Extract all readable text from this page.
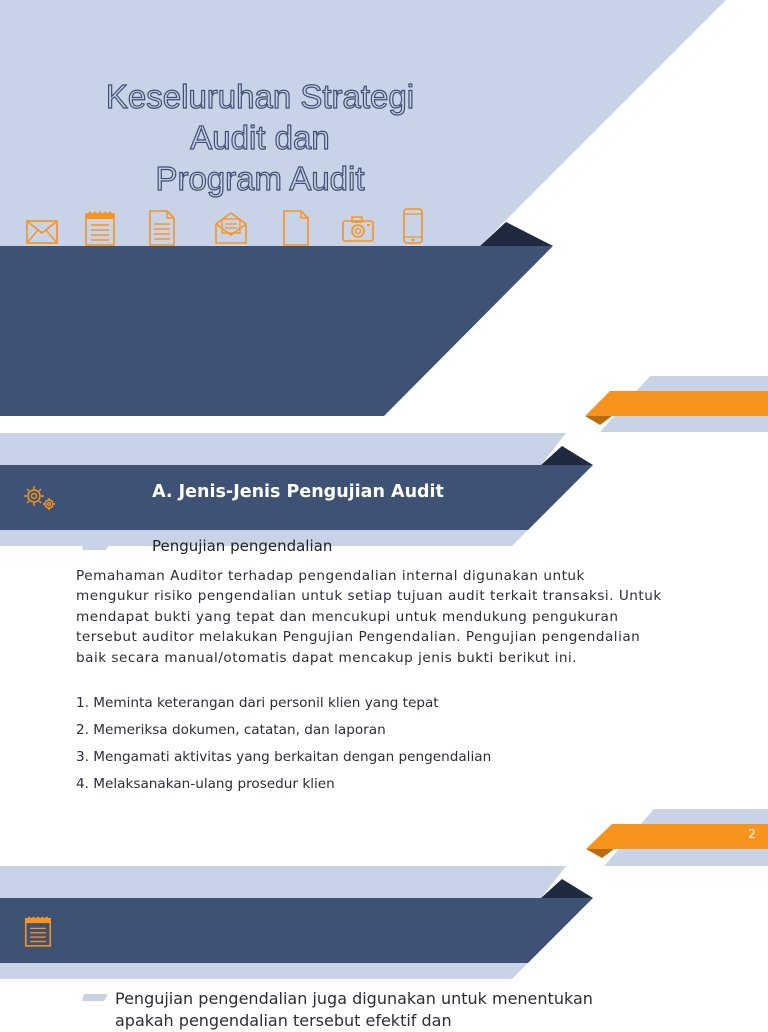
Keseluruhan Strategi
Audit dan
Program Audit
A. Jenis-Jenis Pengujian Audit
Pengujian pengendalian
Pemahaman Auditor terhadap pengendalian internal digunakan untuk mengukur risiko pengendalian untuk setiap tujuan audit terkait transaksi. Untuk mendapat bukti yang tepat dan mencukupi untuk mendukung pengukuran tersebut auditor melakukan Pengujian Pengendalian. Pengujian pengendalian baik secara manual/otomatis dapat mencakup jenis bukti berikut ini.
1. Meminta keterangan dari personil klien yang tepat
2. Memeriksa dokumen, catatan, dan laporan
3. Mengamati aktivitas yang berkaitan dengan pengendalian
4. Melaksanakan-ulang prosedur klien
2
Pengujian pengendalian juga digunakan untuk menentukan apakah pengendalian tersebut efektif dan
